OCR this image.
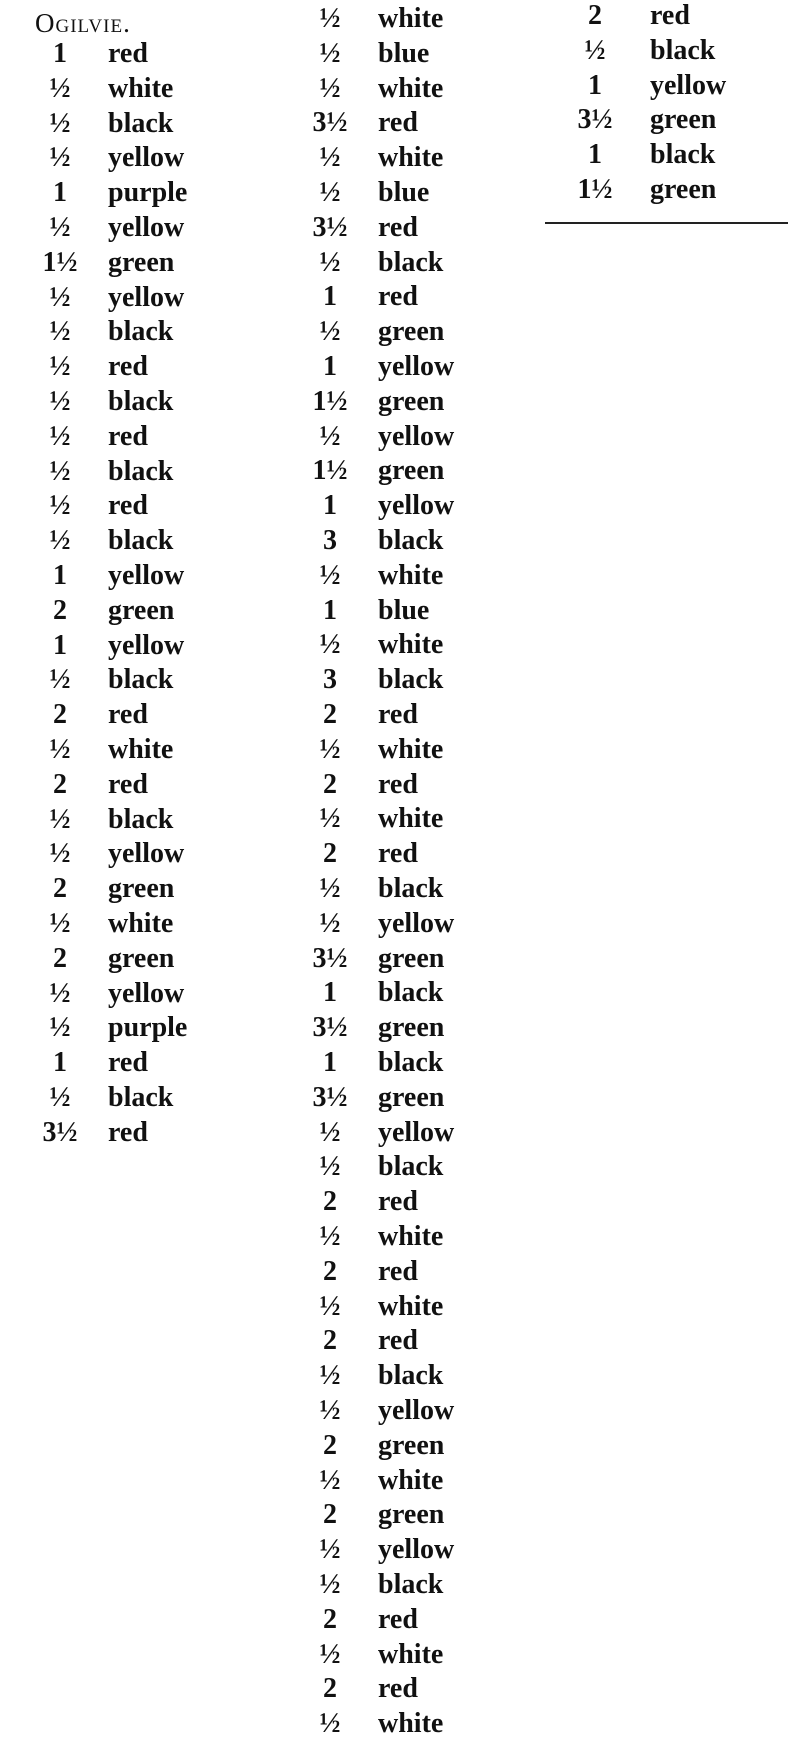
Ogilvie.
1	red
½	white
½	black
½	yellow
1	purple
½	yellow
1½	green
½	yellow
½	black
½	red
½	black
½	red
½	black
½	red
½	black
1	yellow
2	green
1	yellow
½	black
2	red
½	white
2	red
½	black
½	yellow
2	green
½	white
2	green
½	yellow
½	purple
1	red
½	black
3½	red
½	white
½	blue
½	white
3½	red
½	white
½	blue
3½	red
½	black
1	red
½	green
1	yellow
1½	green
½	yellow
1½	green
1	yellow
3	black
½	white
1	blue
½	white
3	black
2	red
½	white
2	red
½	white
2	red
½	black
½	yellow
3½	green
1	black
3½	green
1	black
3½	green
½	yellow
½	black
2	red
½	white
2	red
½	white
2	red
½	black
½	yellow
2	green
½	white
2	green
½	yellow
½	black
2	red
½	white
2	red
½	white
2	red
½	black
1	yellow
3½ green
1	black
1½ green
